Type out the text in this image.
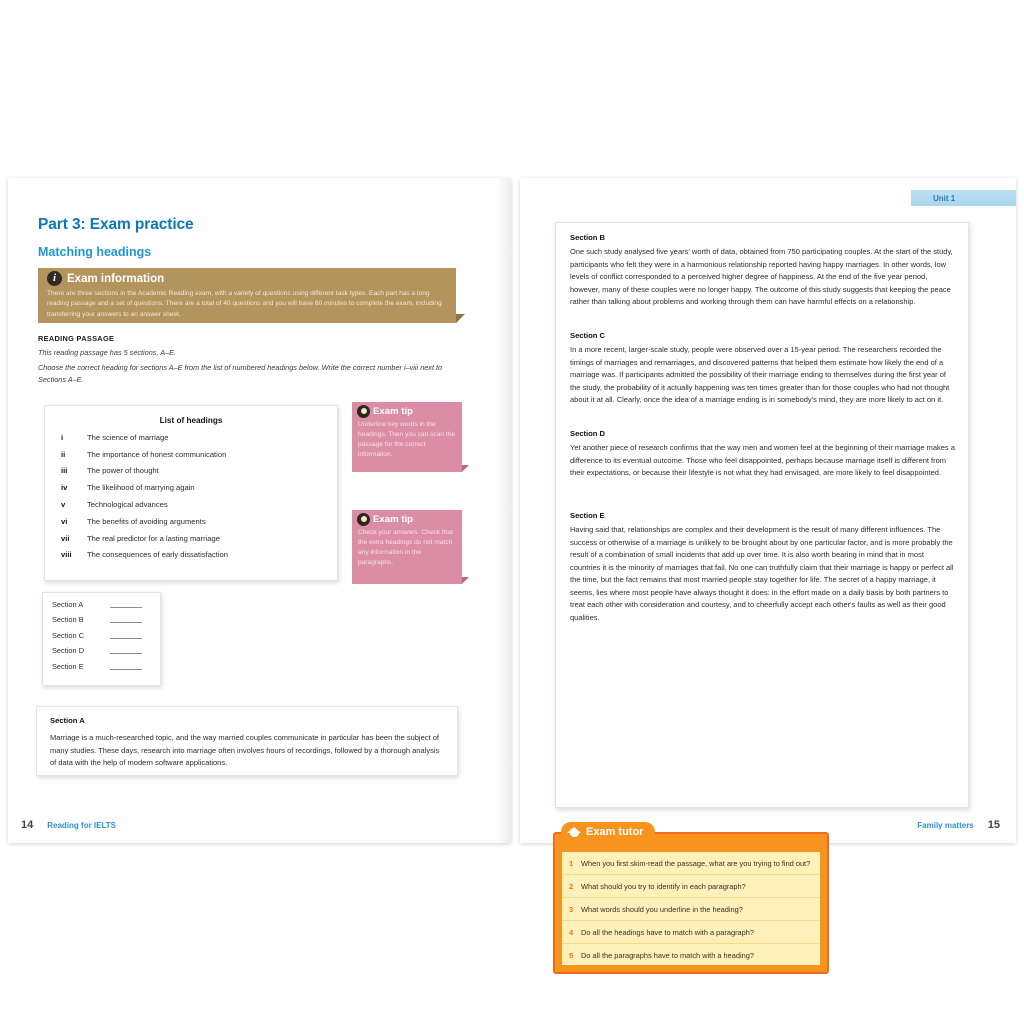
Part 3: Exam practice
Matching headings
i Exam information
There are three sections in the Academic Reading exam, with a variety of questions using different task types. Each part has a long reading passage and a set of questions. There are a total of 40 questions and you will have 60 minutes to complete the exam, including transferring your answers to an answer sheet.
READING PASSAGE
This reading passage has 5 sections, A–E.
Choose the correct heading for sections A–E from the list of numbered headings below. Write the correct number i–viii next to Sections A–E.
List of headings
i	The science of marriage
ii	The importance of honest communication
iii	The power of thought
iv	The likelihood of marrying again
v	Technological advances
vi	The benefits of avoiding arguments
vii	The real predictor for a lasting marriage
viii	The consequences of early dissatisfaction
Exam tip
Underline key words in the headings. Then you can scan the passage for the correct information.
Exam tip
Check your answers. Check that the extra headings do not match any information in the paragraphs.
Section A
Section B
Section C
Section D
Section E
Section A
Marriage is a much-researched topic, and the way married couples communicate in particular has been the subject of many studies. These days, research into marriage often involves hours of recordings, followed by a thorough analysis of data with the help of modern software applications.
14 Reading for IELTS
Unit 1
Section B
One such study analysed five years' worth of data, obtained from 750 participating couples. At the start of the study, participants who felt they were in a harmonious relationship reported having happy marriages. In other words, low levels of conflict corresponded to a perceived higher degree of happiness. At the end of the five year period, however, many of these couples were no longer happy. The outcome of this study suggests that keeping the peace rather than talking about problems and working through them can have harmful effects on a relationship.
Section C
In a more recent, larger-scale study, people were observed over a 15-year period. The researchers recorded the timings of marriages and remarriages, and discovered patterns that helped them estimate how likely the end of a marriage was. If participants admitted the possibility of their marriage ending to themselves during the first year of the study, the probability of it actually happening was ten times greater than for those couples who had not thought about it at all. Clearly, once the idea of a marriage ending is in somebody's mind, they are more likely to act on it.
Section D
Yet another piece of research confirms that the way men and women feel at the beginning of their marriage makes a difference to its eventual outcome. Those who feel disappointed, perhaps because marriage itself is different from their expectations, or because their lifestyle is not what they had envisaged, are more likely to feel disappointed.
Section E
Having said that, relationships are complex and their development is the result of many different influences. The success or otherwise of a marriage is unlikely to be brought about by one particular factor, and is more probably the result of a combination of small incidents that add up over time. It is also worth bearing in mind that in most countries it is the minority of marriages that fail. No one can truthfully claim that their marriage is happy or perfect all the time, but the fact remains that most married people stay together for life. The secret of a happy marriage, it seems, lies where most people have always thought it does: in the effort made on a daily basis by both partners to treat each other with consideration and courtesy, and to cheerfully accept each other's faults as well as their good qualities.
Exam tutor
1	When you first skim-read the passage, what are you trying to find out?
2	What should you try to identify in each paragraph?
3	What words should you underline in the heading?
4	Do all the headings have to match with a paragraph?
5	Do all the paragraphs have to match with a heading?
Family matters 15
